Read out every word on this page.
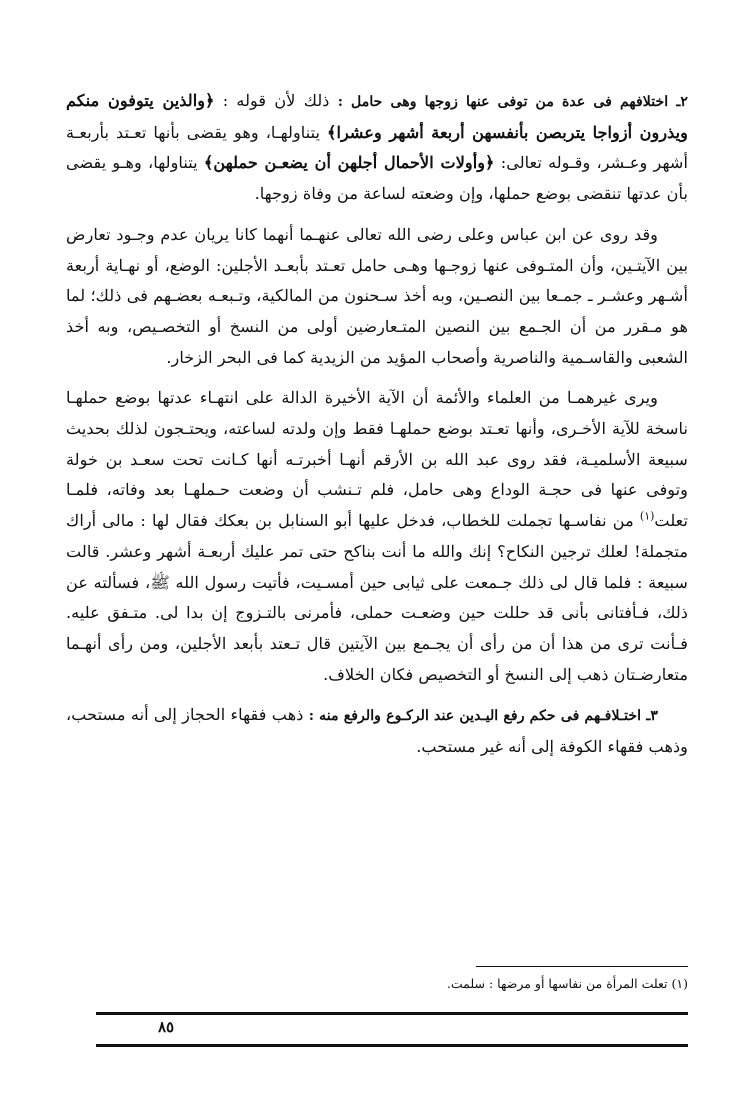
٢ـ اختلافهم فى عدة من توفى عنها زوجها وهى حامل : ذلك لأن قوله : ﴿والذين يتوفون منكم ويذرون أزواجا يتربصن بأنفسهن أربعة أشهر وعشرا﴾ يتناولهـا، وهو يقضى بأنها تعـتد بأربعـة أشهر وعـشر، وقـوله تعالى: ﴿وأولات الأحمال أجلهن أن يضعـن حملهن﴾ يتناولها، وهـو يقضى بأن عدتها تنقضى بوضع حملها، وإن وضعته لساعة من وفاة زوجها.

وقد روى عن ابن عباس وعلى رضى الله تعالى عنهـما أنهما كانا يريان عدم وجـود تعارض بين الآيتـين، وأن المتـوفى عنها زوجـها وهـى حامل تعـتد بأبعـد الأجلين: الوضع، أو نهـاية أربعة أشـهر وعشـر ـ جمـعا بين النصـين، وبه أخذ سـحنون من المالكية، وتـبعـه بعضـهم فى ذلك؛ لما هو مـقرر من أن الجـمع بين النصين المتـعارضين أولى من النسخ أو التخصـيص، وبه أخذ الشعبى والقاسـمية والناصرية وأصحاب المؤيد من الزيدية كما فى البحر الزخار.

ويرى غيرهمـا من العلماء والأئمة أن الآية الأخيرة الدالة على انتهـاء عدتها بوضع حملهـا ناسخة للآية الأخـرى، وأنها تعـتد بوضع حملهـا فقط وإن ولدته لساعته، ويحتـجون لذلك بحديث سبيعة الأسلميـة، فقد روى عبد الله بن الأرقم أنهـا أخبرتـه أنها كـانت تحت سعـد بن خولة وتوفى عنها فى حجـة الوداع وهى حامل، فلم تـنشب أن وضعت حـملهـا بعد وفاته، فلمـا تعلت$^{(١)}$ من نفاسـها تجملت للخطاب، فدخل عليها أبو السنابل بن بعكك فقال لها : مالى أراك متجملة! لعلك ترجين النكاح؟ إنك والله ما أنت بناكح حتى تمر عليك أربعـة أشهر وعشر. قالت سبيعة : فلما قال لى ذلك جـمعت على ثيابى حين أمسـيت، فأتيت رسول الله ﷺ، فسألته عن ذلك، فـأفتانى بأنى قد حللت حين وضعـت حملى، فأمرنى بالتـزوج إن بدا لى. متـفق عليه. فـأنت ترى من هذا أن من رأى أن يجـمع بين الآيتين قال تـعتد بأبعد الأجلين، ومن رأى أنهـما متعارضـتان ذهب إلى النسخ أو التخصيص فكان الخلاف.

٣ـ اختـلافـهم فى حكم رفع اليـدين عند الركـوع والرفع منه : ذهب فقهاء الحجاز إلى أنه مستحب، وذهب فقهاء الكوفة إلى أنه غير مستحب.

(١) تعلت المرأة من نفاسها أو مرضها : سلمت.
٨٥
